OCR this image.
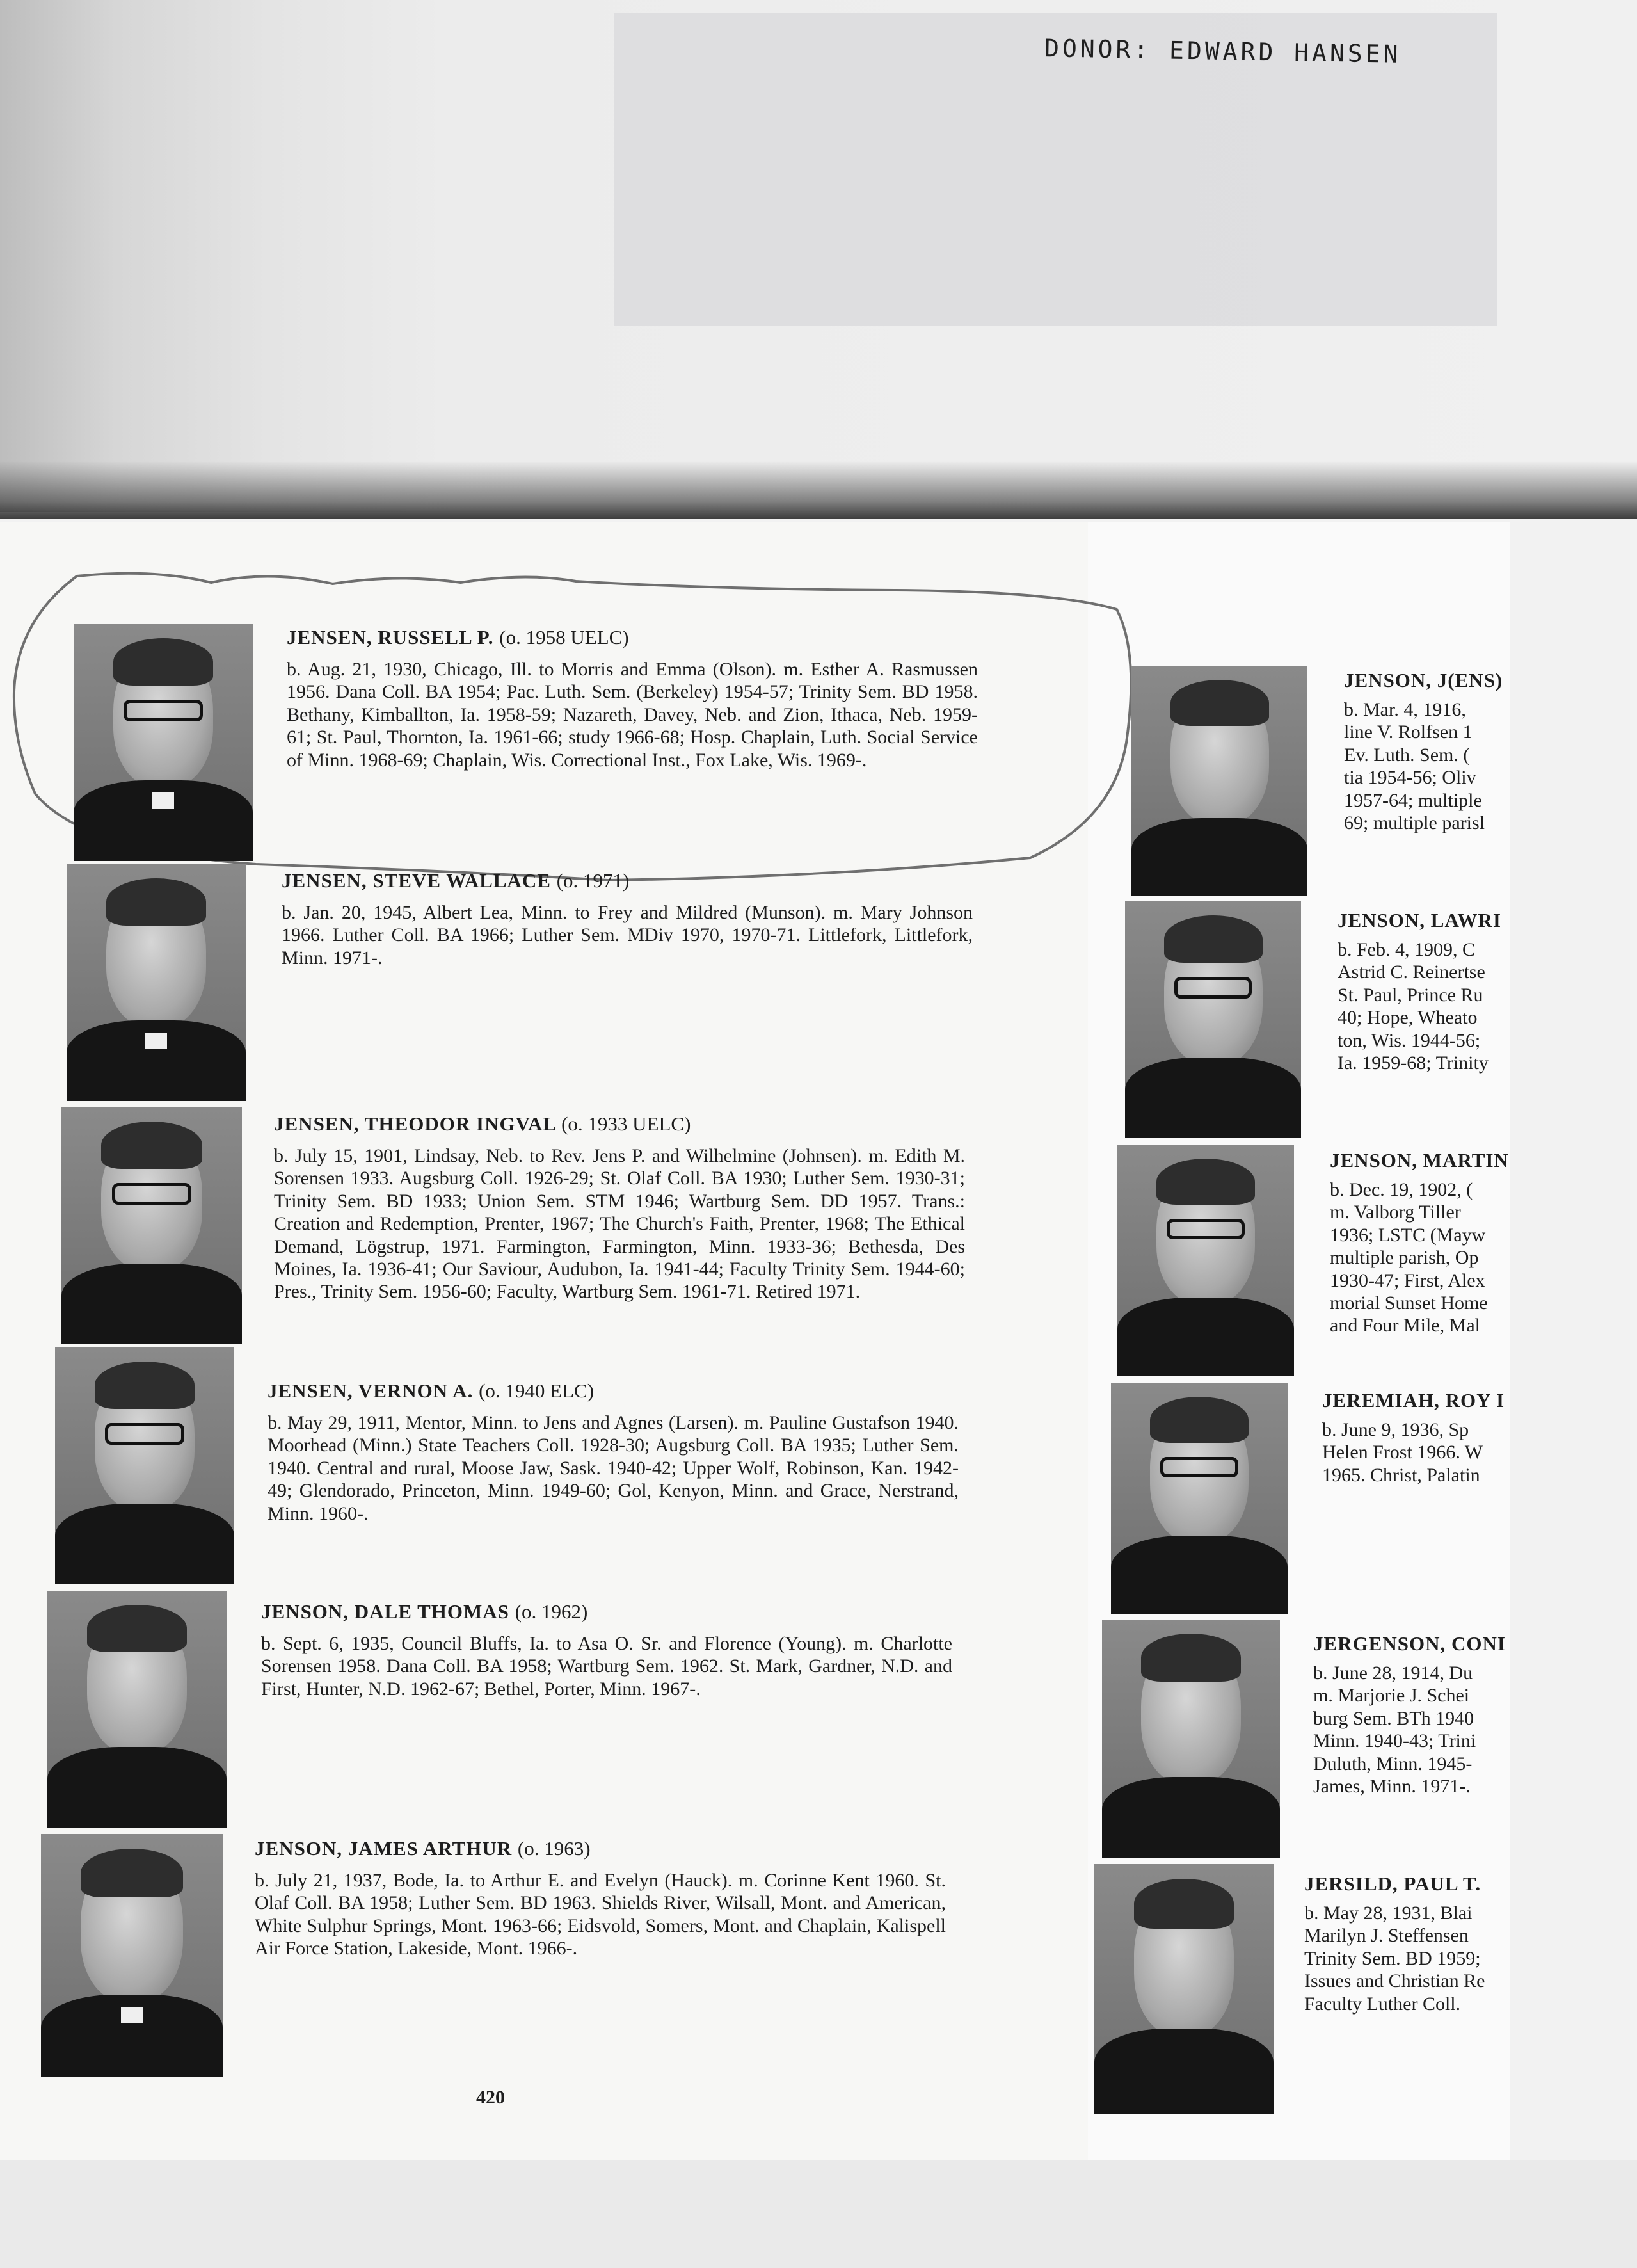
DONOR: EDWARD HANSEN
JENSEN, RUSSELL P. (o. 1958 UELC)

b. Aug. 21, 1930, Chicago, Ill. to Morris and Emma (Olson). m. Esther A. Rasmussen 1956. Dana Coll. BA 1954; Pac. Luth. Sem. (Berkeley) 1954-57; Trinity Sem. BD 1958. Bethany, Kimballton, Ia. 1958-59; Nazareth, Davey, Neb. and Zion, Ithaca, Neb. 1959-61; St. Paul, Thornton, Ia. 1961-66; study 1966-68; Hosp. Chaplain, Luth. Social Service of Minn. 1968-69; Chaplain, Wis. Correctional Inst., Fox Lake, Wis. 1969-.

JENSEN, STEVE WALLACE (o. 1971)

b. Jan. 20, 1945, Albert Lea, Minn. to Frey and Mildred (Munson). m. Mary Johnson 1966. Luther Coll. BA 1966; Luther Sem. MDiv 1970, 1970-71. Littlefork, Littlefork, Minn. 1971-.

JENSEN, THEODOR INGVAL (o. 1933 UELC)

b. July 15, 1901, Lindsay, Neb. to Rev. Jens P. and Wilhelmine (Johnsen). m. Edith M. Sorensen 1933. Augsburg Coll. 1926-29; St. Olaf Coll. BA 1930; Luther Sem. 1930-31; Trinity Sem. BD 1933; Union Sem. STM 1946; Wartburg Sem. DD 1957. Trans.: Creation and Redemption, Prenter, 1967; The Church's Faith, Prenter, 1968; The Ethical Demand, Lögstrup, 1971. Farmington, Farmington, Minn. 1933-36; Bethesda, Des Moines, Ia. 1936-41; Our Saviour, Audubon, Ia. 1941-44; Faculty Trinity Sem. 1944-60; Pres., Trinity Sem. 1956-60; Faculty, Wartburg Sem. 1961-71. Retired 1971.

JENSEN, VERNON A. (o. 1940 ELC)

b. May 29, 1911, Mentor, Minn. to Jens and Agnes (Larsen). m. Pauline Gustafson 1940. Moorhead (Minn.) State Teachers Coll. 1928-30; Augsburg Coll. BA 1935; Luther Sem. 1940. Central and rural, Moose Jaw, Sask. 1940-42; Upper Wolf, Robinson, Kan. 1942-49; Glendorado, Princeton, Minn. 1949-60; Gol, Kenyon, Minn. and Grace, Nerstrand, Minn. 1960-.

JENSON, DALE THOMAS (o. 1962)

b. Sept. 6, 1935, Council Bluffs, Ia. to Asa O. Sr. and Florence (Young). m. Charlotte Sorensen 1958. Dana Coll. BA 1958; Wartburg Sem. 1962. St. Mark, Gardner, N.D. and First, Hunter, N.D. 1962-67; Bethel, Porter, Minn. 1967-.

JENSON, JAMES ARTHUR (o. 1963)

b. July 21, 1937, Bode, Ia. to Arthur E. and Evelyn (Hauck). m. Corinne Kent 1960. St. Olaf Coll. BA 1958; Luther Sem. BD 1963. Shields River, Wilsall, Mont. and American, White Sulphur Springs, Mont. 1963-66; Eidsvold, Somers, Mont. and Chaplain, Kalispell Air Force Station, Lakeside, Mont. 1966-.

JENSON, J(ENS)
b. Mar. 4, 1916,
line V. Rolfsen 1
Ev. Luth. Sem. (
tia 1954-56; Oliv
1957-64; multiple
69; multiple parisl
JENSON, LAWRI
b. Feb. 4, 1909, C
Astrid C. Reinertse
St. Paul, Prince Ru
40; Hope, Wheato
ton, Wis. 1944-56;
Ia. 1959-68; Trinity
JENSON, MARTIN
b. Dec. 19, 1902, (
m. Valborg Tiller
1936; LSTC (Mayw
multiple parish, Op
1930-47; First, Alex
morial Sunset Home
and Four Mile, Mal
JEREMIAH, ROY I
b. June 9, 1936, Sp
Helen Frost 1966. W
1965. Christ, Palatin
JERGENSON, CONI
b. June 28, 1914, Du
m. Marjorie J. Schei
burg Sem. BTh 1940
Minn. 1940-43; Trini
Duluth, Minn. 1945-
James, Minn. 1971-.
JERSILD, PAUL T.
b. May 28, 1931, Blai
Marilyn J. Steffensen
Trinity Sem. BD 1959;
Issues and Christian Re
Faculty Luther Coll.
420
